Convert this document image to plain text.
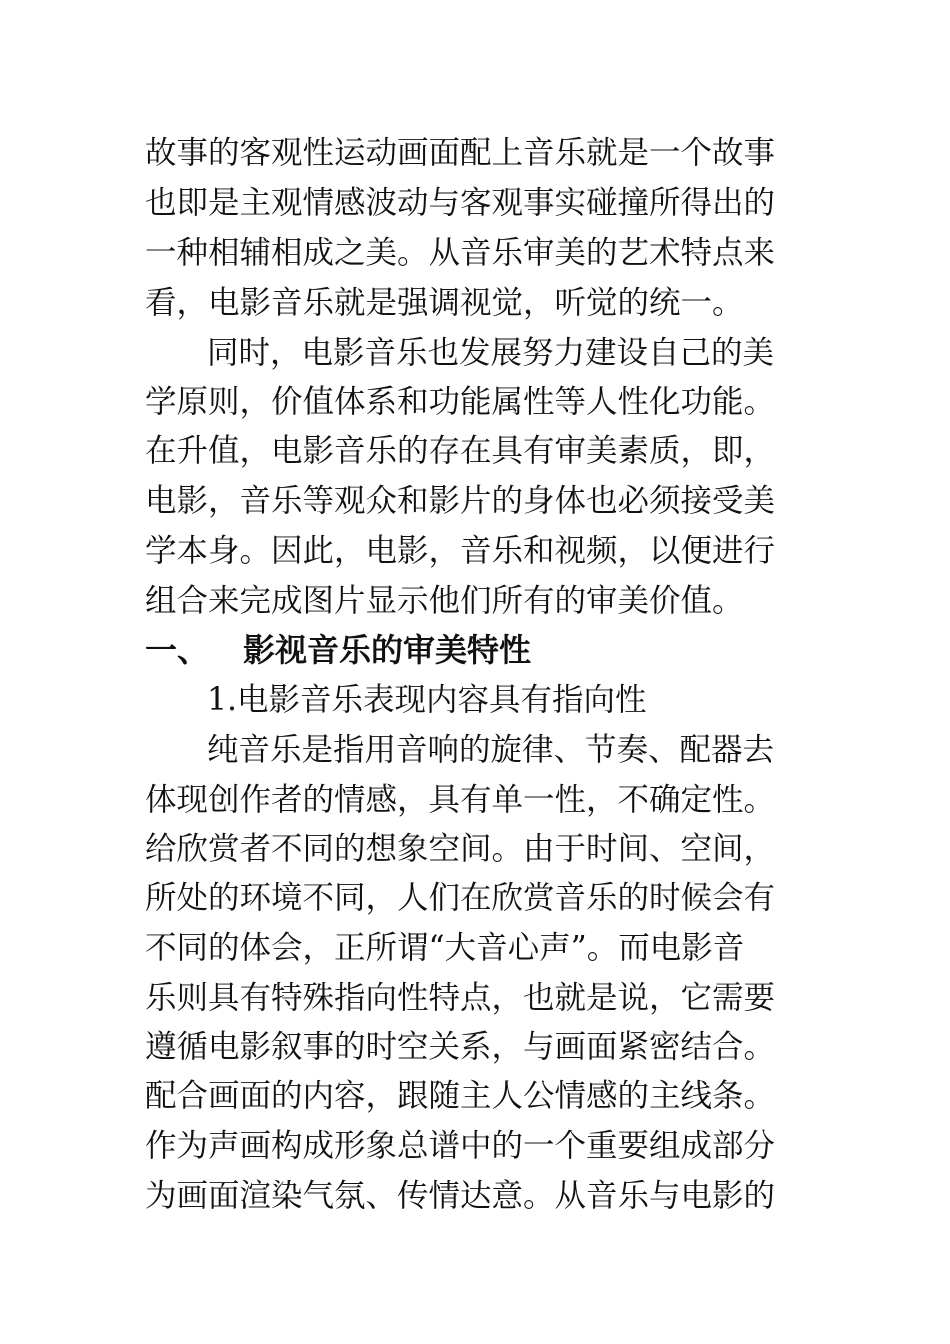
故事的客观性运动画面配上音乐就是一个故事
也即是主观情感波动与客观事实碰撞所得出的
一种相辅相成之美。从音乐审美的艺术特点来
看，电影音乐就是强调视觉，听觉的统一。
同时，电影音乐也发展努力建设自己的美
学原则，价值体系和功能属性等人性化功能。
在升值，电影音乐的存在具有审美素质，即，
电影，音乐等观众和影片的身体也必须接受美
学本身。因此，电影，音乐和视频，以便进行
组合来完成图片显示他们所有的审美价值。
一、 影视音乐的审美特性
1.电影音乐表现内容具有指向性
纯音乐是指用音响的旋律、节奏、配器去
体现创作者的情感，具有单一性，不确定性。
给欣赏者不同的想象空间。由于时间、空间，
所处的环境不同，人们在欣赏音乐的时候会有
不同的体会，正所谓“大音心声”。而电影音
乐则具有特殊指向性特点，也就是说，它需要
遵循电影叙事的时空关系，与画面紧密结合。
配合画面的内容，跟随主人公情感的主线条。
作为声画构成形象总谱中的一个重要组成部分
为画面渲染气氛、传情达意。从音乐与电影的
